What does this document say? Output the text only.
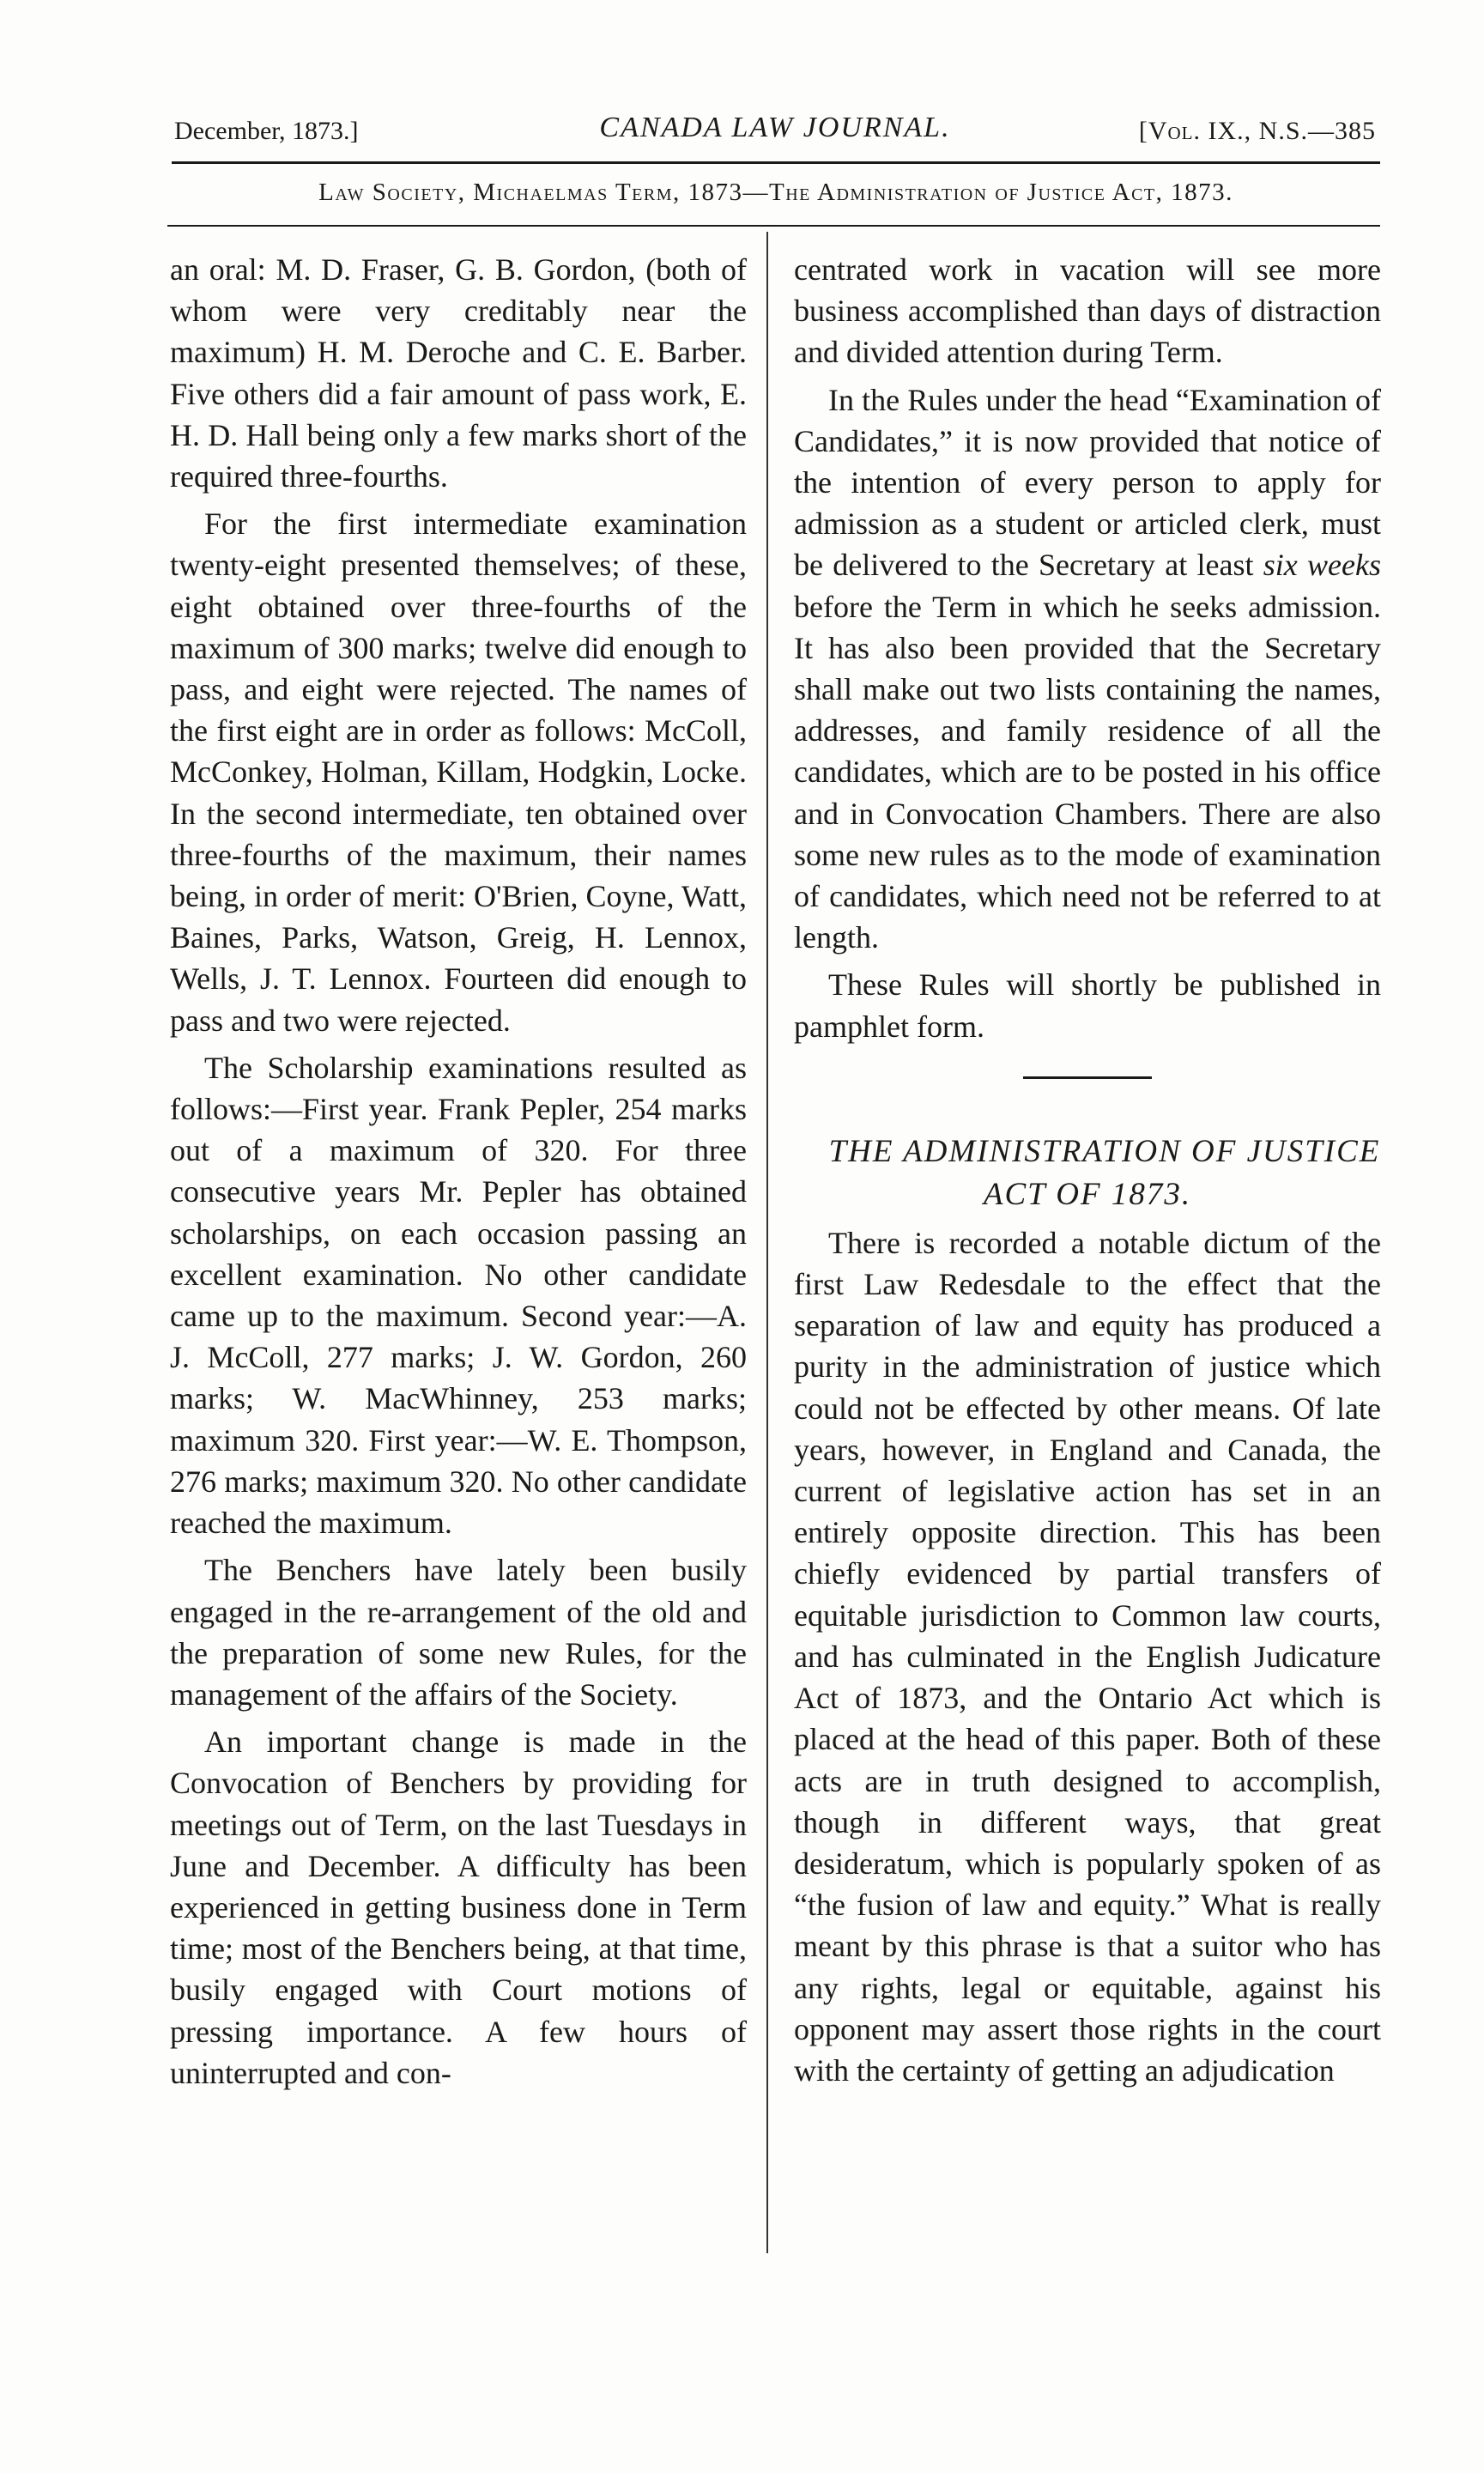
December, 1873.]	CANADA LAW JOURNAL.	[Vol. IX., N.S.—385
Law Society, Michaelmas Term, 1873—The Administration of Justice Act, 1873.

an oral: M. D. Fraser, G. B. Gordon, (both of whom were very creditably near the maximum) H. M. Deroche and C. E. Barber. Five others did a fair amount of pass work, E. H. D. Hall being only a few marks short of the required three-fourths.

For the first intermediate examination twenty-eight presented themselves; of these, eight obtained over three-fourths of the maximum of 300 marks; twelve did enough to pass, and eight were rejected. The names of the first eight are in order as follows: McColl, McConkey, Holman, Killam, Hodgkin, Locke. In the second intermediate, ten obtained over three-fourths of the maximum, their names being, in order of merit: O'Brien, Coyne, Watt, Baines, Parks, Watson, Greig, H. Lennox, Wells, J. T. Lennox. Fourteen did enough to pass and two were rejected.

The Scholarship examinations resulted as follows:—First year. Frank Pepler, 254 marks out of a maximum of 320. For three consecutive years Mr. Pepler has obtained scholarships, on each occasion passing an excellent examination. No other candidate came up to the maximum. Second year:—A. J. McColl, 277 marks; J. W. Gordon, 260 marks; W. MacWhinney, 253 marks; maximum 320. First year:—W. E. Thompson, 276 marks; maximum 320. No other candidate reached the maximum.

The Benchers have lately been busily engaged in the re-arrangement of the old and the preparation of some new Rules, for the management of the affairs of the Society.

An important change is made in the Convocation of Benchers by providing for meetings out of Term, on the last Tuesdays in June and December. A difficulty has been experienced in getting business done in Term time; most of the Benchers being, at that time, busily engaged with Court motions of pressing importance. A few hours of uninterrupted and con-

centrated work in vacation will see more business accomplished than days of distraction and divided attention during Term.

In the Rules under the head “Examination of Candidates,” it is now provided that notice of the intention of every person to apply for admission as a student or articled clerk, must be delivered to the Secretary at least six weeks before the Term in which he seeks admission. It has also been provided that the Secretary shall make out two lists containing the names, addresses, and family residence of all the candidates, which are to be posted in his office and in Convocation Chambers. There are also some new rules as to the mode of examination of candidates, which need not be referred to at length.

These Rules will shortly be published in pamphlet form.

THE ADMINISTRATION OF JUSTICE ACT OF 1873.

There is recorded a notable dictum of the first Law Redesdale to the effect that the separation of law and equity has produced a purity in the administration of justice which could not be effected by other means. Of late years, however, in England and Canada, the current of legislative action has set in an entirely opposite direction. This has been chiefly evidenced by partial transfers of equitable jurisdiction to Common law courts, and has culminated in the English Judicature Act of 1873, and the Ontario Act which is placed at the head of this paper. Both of these acts are in truth designed to accomplish, though in different ways, that great desideratum, which is popularly spoken of as “the fusion of law and equity.” What is really meant by this phrase is that a suitor who has any rights, legal or equitable, against his opponent may assert those rights in the court with the certainty of getting an adjudication
